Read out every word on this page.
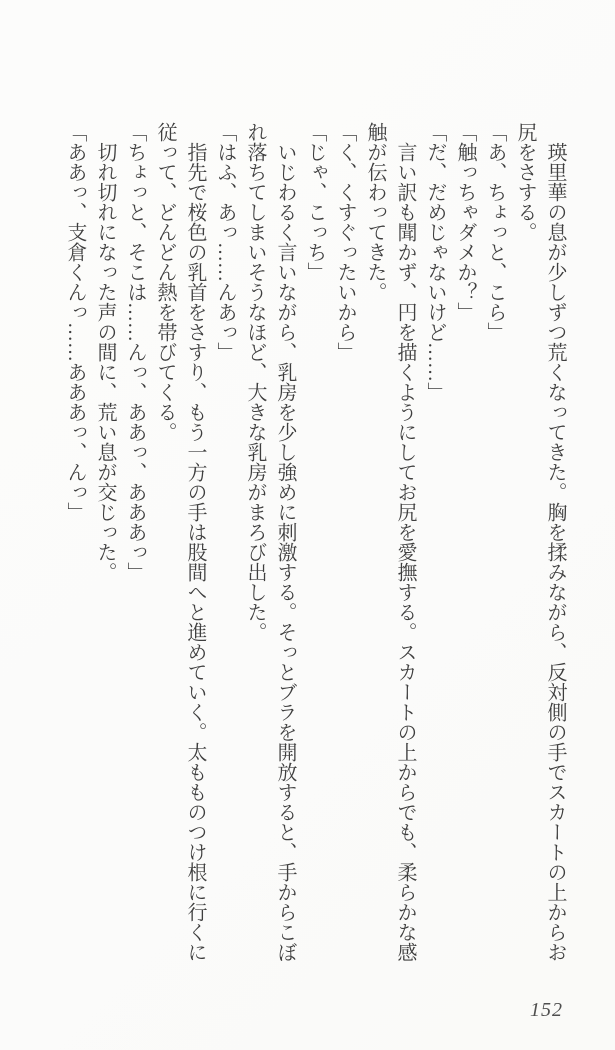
　瑛里華の息が少しずつ荒くなってきた。胸を揉みながら、反対側の手でスカートの上からお尻をさする。

「あ、ちょっと、こら」

「触っちゃダメか？」

「だ、だめじゃないけど……」

　言い訳も聞かず、円を描くようにしてお尻を愛撫する。スカートの上からでも、柔らかな感触が伝わってきた。

「く、くすぐったいから」

「じゃ、こっち」

　いじわるく言いながら、乳房を少し強めに刺激する。そっとブラを開放すると、手からこぼれ落ちてしまいそうなほど、大きな乳房がまろび出した。

「はふ、あっ……んあっ」

　指先で桜色の乳首をさすり、もう一方の手は股間へと進めていく。太もものつけ根に行くに従って、どんどん熱を帯びてくる。

「ちょっと、そこは……んっ、ああっ、あああっ」

　切れ切れになった声の間に、荒い息が交じった。

「ああっ、支倉くんっ……あああっ、んっ」

152
